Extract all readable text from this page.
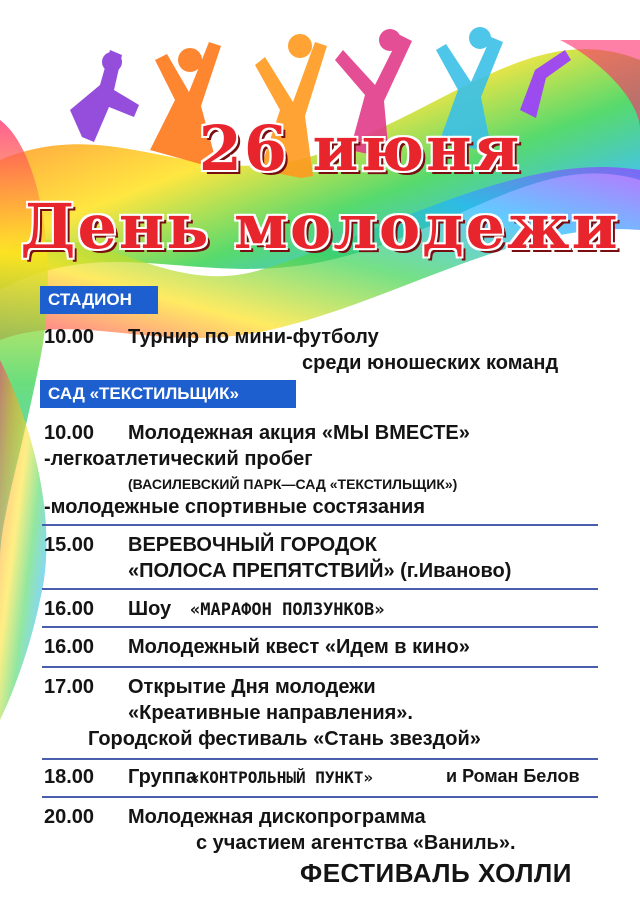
26 июня
День молодежи
СТАДИОН
10.00 Турнир по мини-футболу
среди юношеских команд
САД «ТЕКСТИЛЬЩИК»
10.00 Молодежная акция «МЫ ВМЕСТЕ»
-легкоатлетический пробег
(ВАСИЛЕВСКИЙ ПАРК—САД «ТЕКСТИЛЬЩИК»)
-молодежные спортивные состязания
15.00 ВЕРЕВОЧНЫЙ ГОРОДОК
«ПОЛОСА ПРЕПЯТСТВИЙ» (г.Иваново)
16.00 Шоу «МАРАФОН ПОЛЗУНКОВ»
16.00 Молодежный квест «Идем в кино»
17.00 Открытие Дня молодежи
«Креативные направления».
Городской фестиваль «Стань звездой»
18.00 Группа
«КОНТРОЛЬНЫЙ ПУНКТ»	и Роман Белов
20.00 Молодежная дископрограмма
с участием агентства «Ваниль».
ФЕСТИВАЛЬ ХОЛЛИ
